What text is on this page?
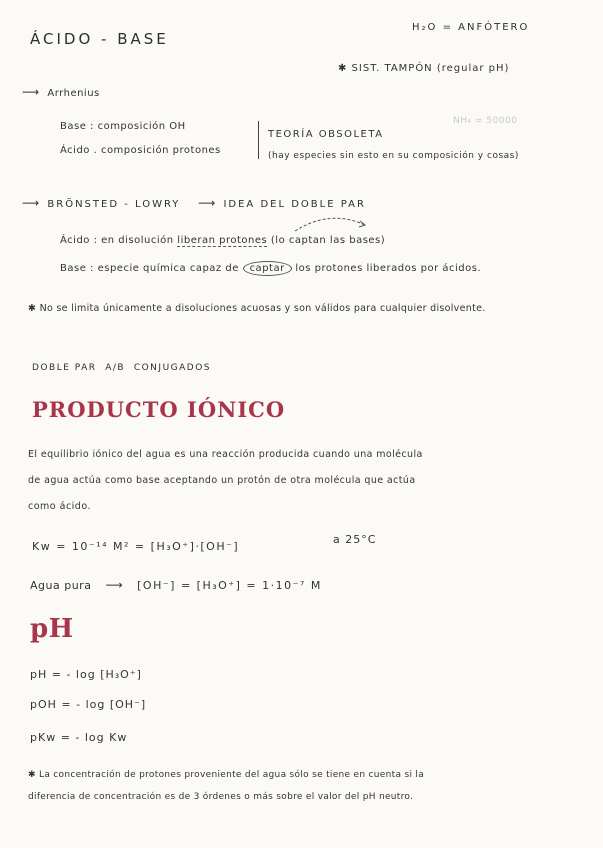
ÁCIDO - BASE
H₂O = ANFÓTERO
✱ SIST. TAMPÓN (regular pH)
NH₄ = 50000
⟶ Arrhenius
Base : composición OH
Ácido . composición protones
TEORÍA OBSOLETA
(hay especies sin esto en su composición y cosas)
⟶ BRÖNSTED - LOWRY ⟶ IDEA DEL DOBLE PAR
Ácido : en disolución liberan protones (lo captan las bases)
Base : especie química capaz de captar los protones liberados por ácidos.
✱ No se limita únicamente a disoluciones acuosas y son válidos para cualquier disolvente.
DOBLE PAR  A/B  CONJUGADOS
PRODUCTO IÓNICO
El equilibrio iónico del agua es una reacción producida cuando una molécula
de agua actúa como base aceptando un protón de otra molécula que actúa
como ácido.
Kw = 10⁻¹⁴ M² = [H₃O⁺]·[OH⁻]
a 25°C
Agua pura ⟶ [OH⁻] = [H₃O⁺] = 1·10⁻⁷ M
pH
pH = - log [H₃O⁺]
pOH = - log [OH⁻]
pKw = - log Kw
✱ La concentración de protones proveniente del agua sólo se tiene en cuenta si la
diferencia de concentración es de 3 órdenes o más sobre el valor del pH neutro.
